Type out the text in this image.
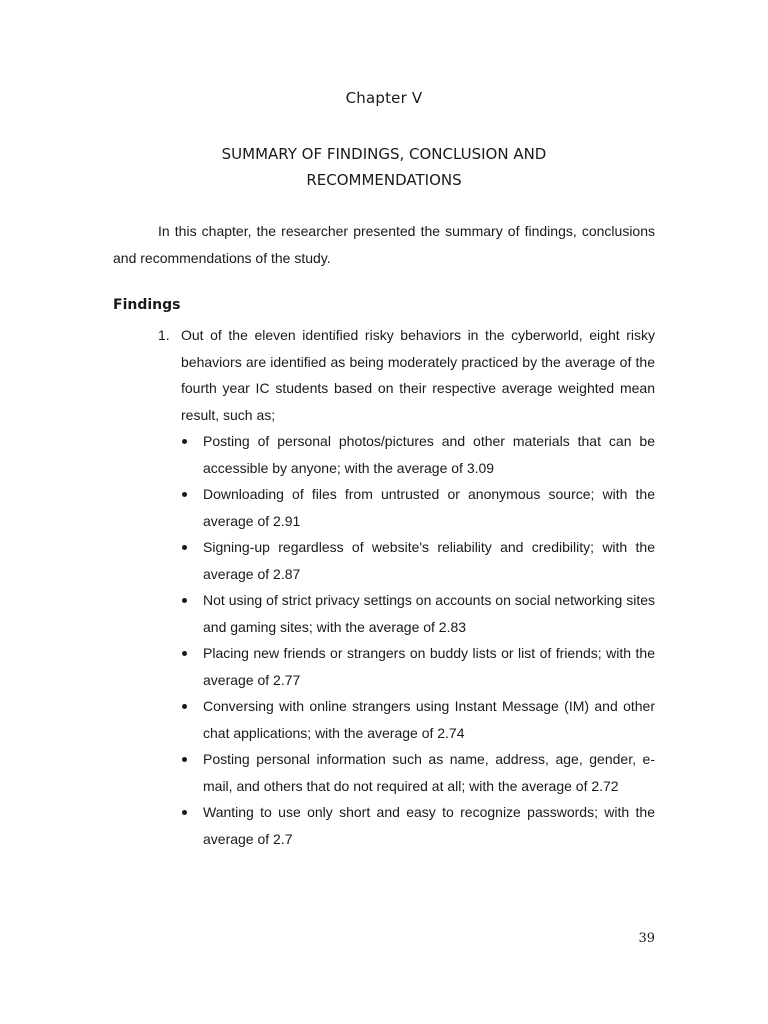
Chapter V
SUMMARY OF FINDINGS, CONCLUSION AND
RECOMMENDATIONS

In this chapter, the researcher presented the summary of findings, conclusions and recommendations of the study.

Findings
1. Out of the eleven identified risky behaviors in the cyberworld, eight risky behaviors are identified as being moderately practiced by the average of the fourth year IC students based on their respective average weighted mean result, such as;

Posting of personal photos/pictures and other materials that can be accessible by anyone; with the average of 3.09
Downloading of files from untrusted or anonymous source; with the average of 2.91
Signing-up regardless of website's reliability and credibility; with the average of 2.87
Not using of strict privacy settings on accounts on social networking sites and gaming sites; with the average of 2.83
Placing new friends or strangers on buddy lists or list of friends; with the average of 2.77
Conversing with online strangers using Instant Message (IM) and other chat applications; with the average of 2.74
Posting personal information such as name, address, age, gender, e-mail, and others that do not required at all; with the average of 2.72
Wanting to use only short and easy to recognize passwords; with the average of 2.7
39
